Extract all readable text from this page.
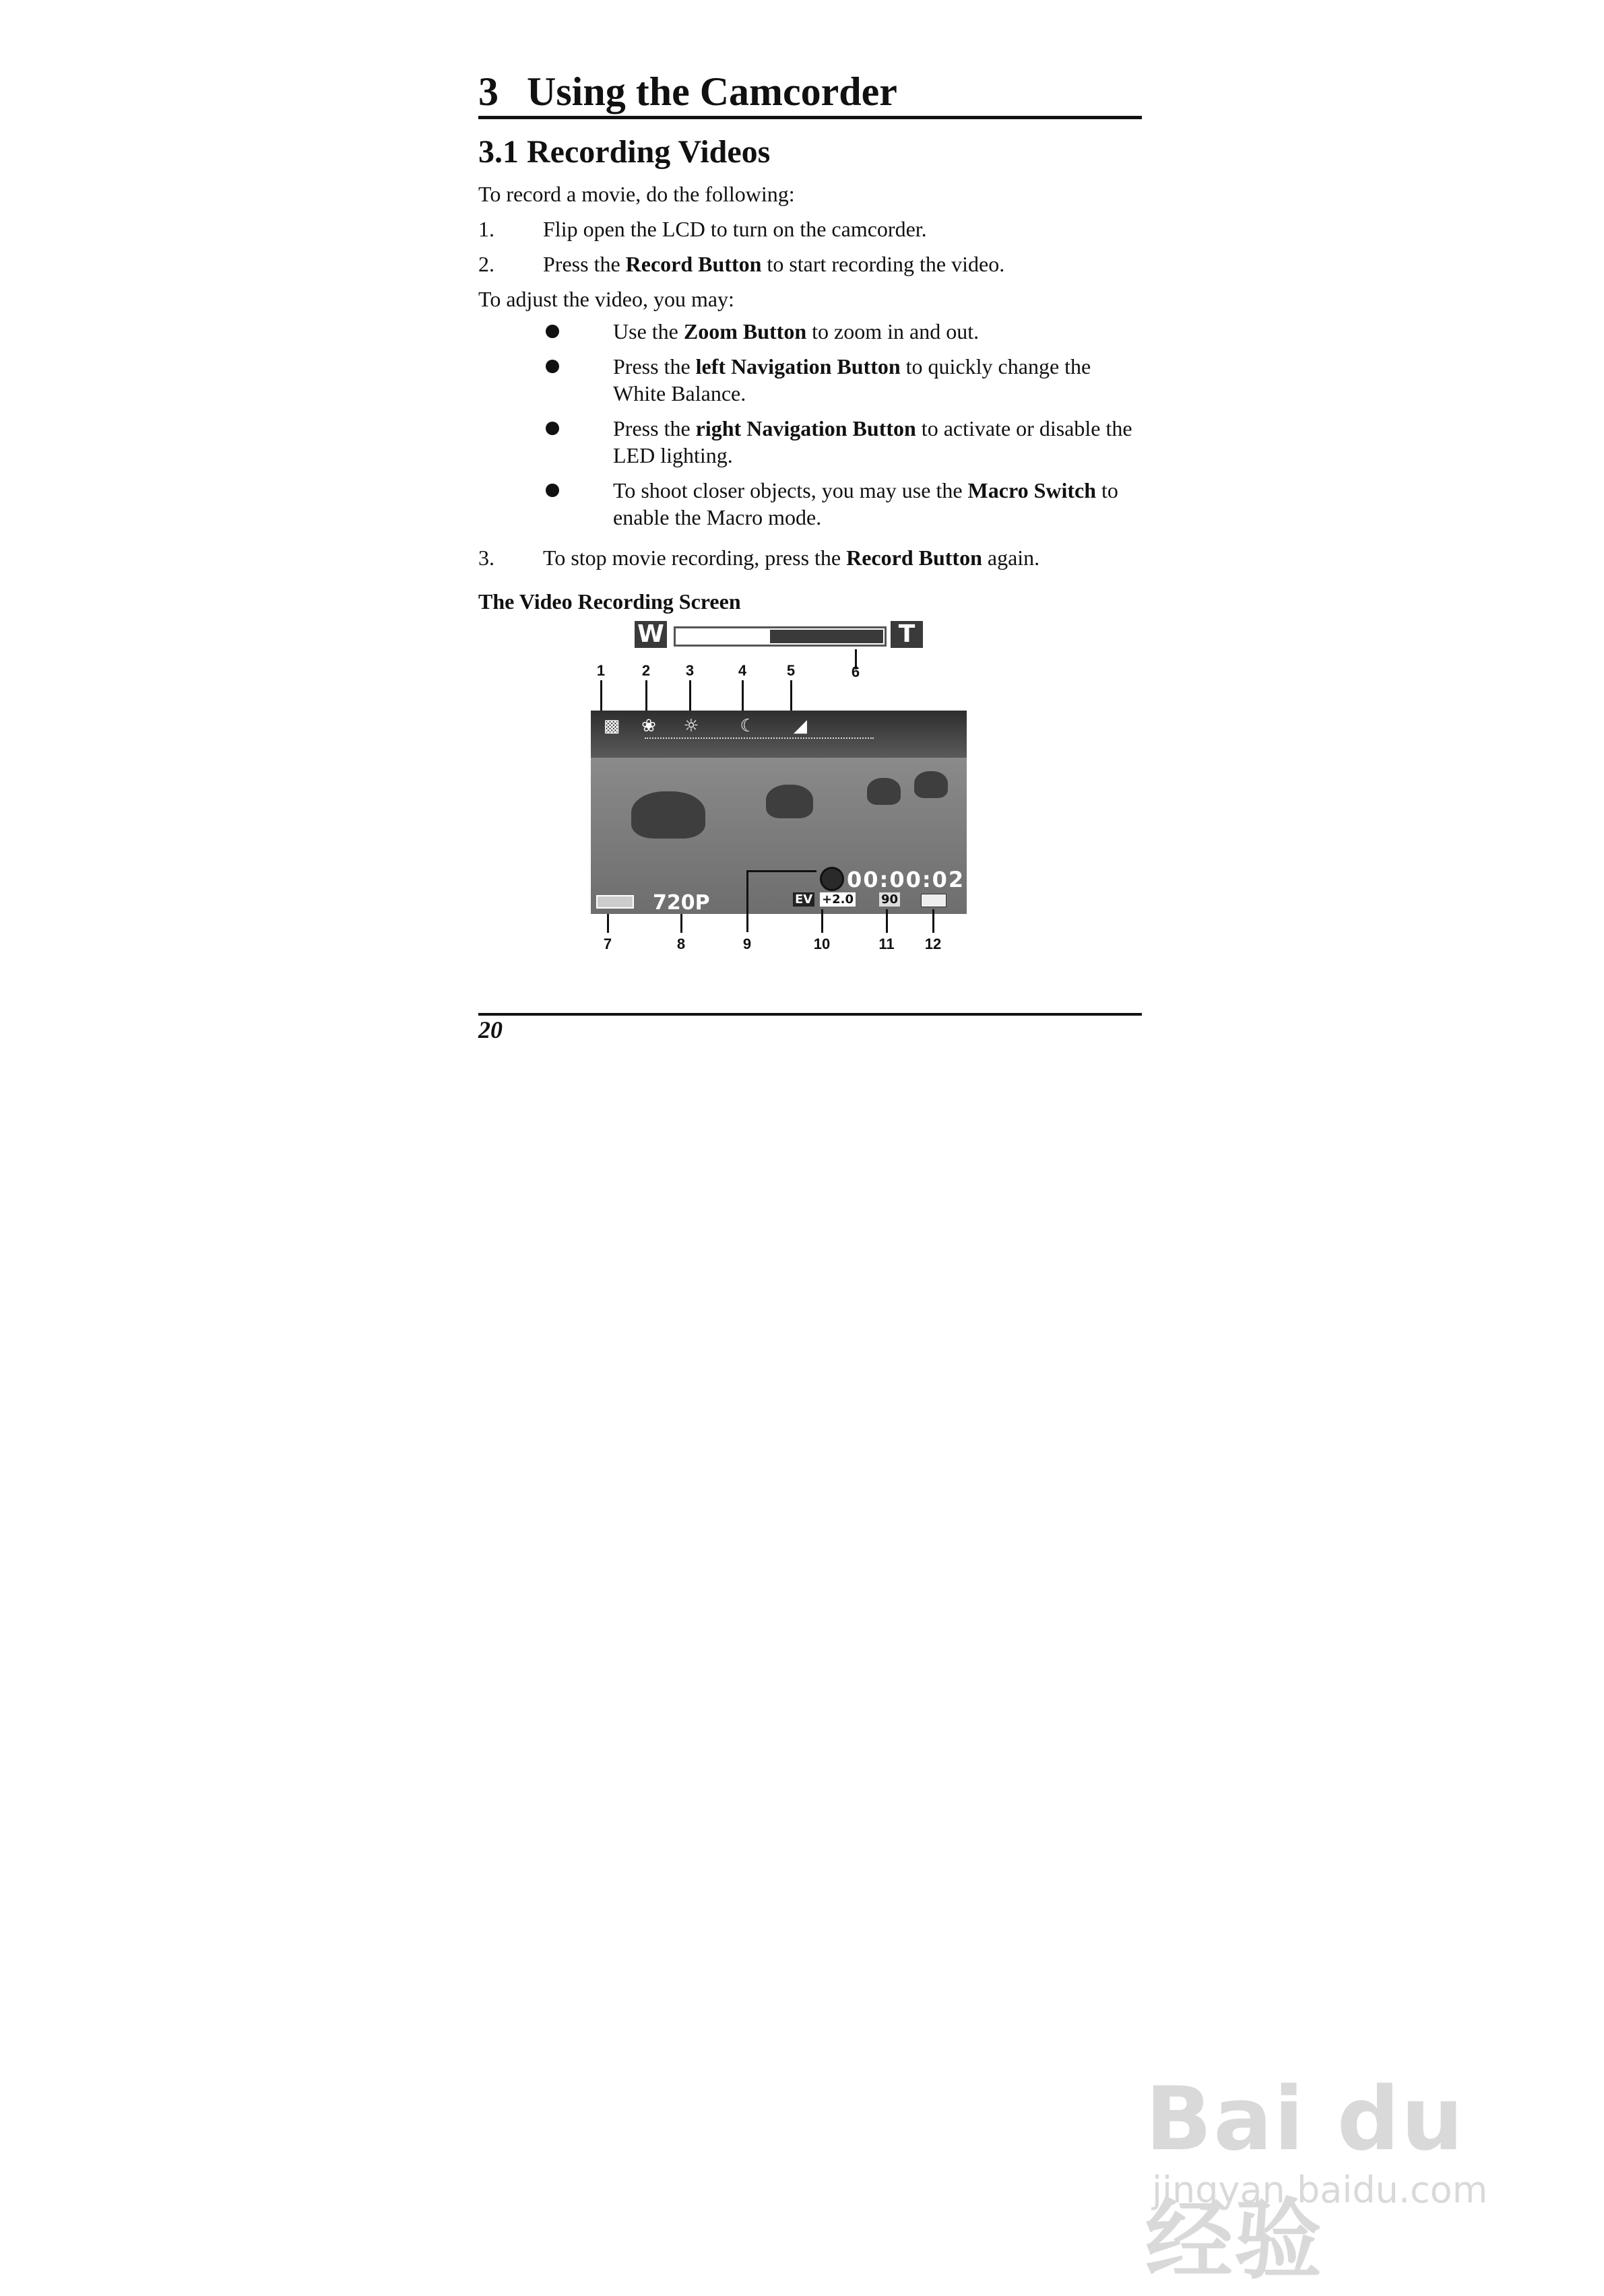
3 Using the Camcorder
3.1 Recording Videos
To record a movie, do the following:
1. Flip open the LCD to turn on the camcorder.
2. Press the Record Button to start recording the video.
To adjust the video, you may:
Use the Zoom Button to zoom in and out.
Press the left Navigation Button to quickly change the White Balance.
Press the right Navigation Button to activate or disable the LED lighting.
To shoot closer objects, you may use the Macro Switch to enable the Macro mode.
3. To stop movie recording, press the Record Button again.
The Video Recording Screen
W	T
1	2	3	4	5	6
▩	❀	☼	☾	◢
00:00:02
720P	EV +2.0 90
7	8	9	10	11	12
20
Bai du 经验
jingyan.baidu.com
